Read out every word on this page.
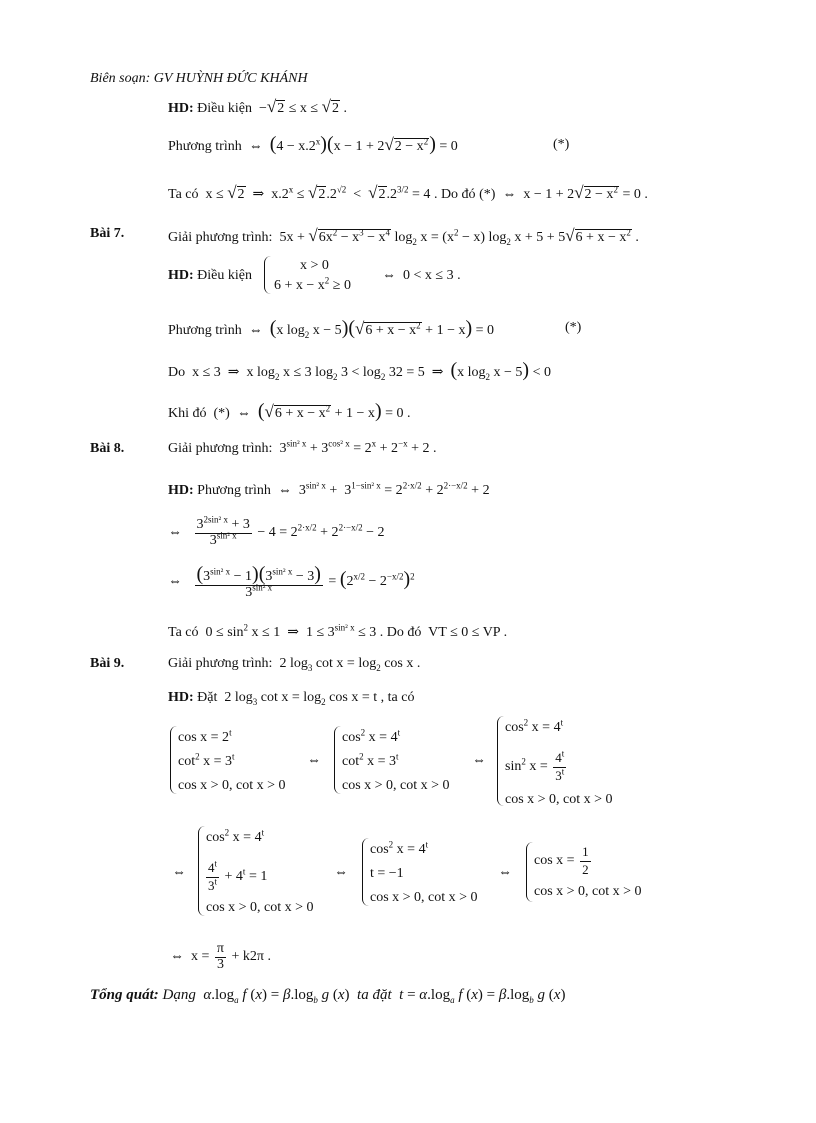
Biên soạn: GV HUỲNH ĐỨC KHÁNH
HD: Điều kiện  −√2 ≤ x ≤ √2 .
Phương trình ⇔ $(4 - x.2^x)(x - 1 + 2√2 - x^2) = 0$	(*)
Ta có  x ≤ √2  ⇒  $x.2^x \le √2.2^{√2} < √2.2^{3/2} = 4$ . Do đó (*)  ⇔  $x - 1 + 2√2 - x^2 = 0$ .
Bài 7.	Giải phương trình:  $5x + √6x^2 - x^3 - x^4$ $\log_2 x = (x^2 - x)$ $\log_2 x + 5 + 5√6 + x - x^2$ .
HD: Điều kiện
x > 0
$6 + x - x^2 \ge 0$
⇔  0 < x ≤ 3 .
Phương trình  ⇔  (x $\log_2 x - 5)(√6 + x - x^2 + 1 - x) = 0$	(*)
Do  x ≤ 3  ⇒  x $\log_2 x \le 3$ $\log_2 3 < \log_2 32 = 5$  ⇒  (x $\log_2 x - 5) < 0$
Khi đó  (*)  ⇔  $(√6 + x - x^2 + 1 - x) = 0$ .
Bài 8.	Giải phương trình:  $3^{sin^2 x} + 3^{cos^2 x} = 2^x + 2^{-x} + 2$ .
HD: Phương trình  ⇔  $3^{sin^2 x} + 3^{1-sin^2 x} = 2^{2\cdot x/2} + 2^{2\cdot-x/2} + 2$
⇔ $\frac{3^{2sin^2 x} + 3}{3^{sin^2 x}} - 4 = 2^{2\cdot x/2} + 2^{2\cdot-x/2} - 2$
⇔ $\frac{(3^{sin^2 x} - 1)(3^{sin^2 x} - 3)}{3^{sin^2 x}} = (2^{x/2} - 2^{-x/2})^2$
Ta có  $0 \le \sin^2 x \le 1$  ⇒  $1 \le 3^{sin^2 x} \le 3$ . Do đó  VT ≤ 0 ≤ VP .
Bài 9.	Giải phương trình:  2 $\log_3 \cot x = \log_2 \cos x$ .
HD: Đặt  2 $\log_3 \cot x = \log_2 \cos x = t$ , ta có
$\cos x = 2^t$
$\cot^2 x = 3^t$
cos x > 0, cot x > 0
⇔
$\cos^2 x = 4^t$
$\cot^2 x = 3^t$
cos x > 0, cot x > 0
⇔
$\cos^2 x = 4^t$
$\sin^2 x = \frac{4^t}{3^t}$
cos x > 0, cot x > 0
⇔
$\cos^2 x = 4^t$
$\frac{4^t}{3^t} + 4^t = 1$
cos x > 0, cot x > 0
⇔
$\cos^2 x = 4^t$
t = −1
cos x > 0, cot x > 0
⇔
$\cos x = \frac{1}{2}$
cos x > 0, cot x > 0
⇔  $x = \frac{\pi}{3} + k2\pi$ .
Tổng quát: Dạng $\alpha.\log_a$ f $(x) = \beta.\log_b$ g (x)  ta đặt $t = \alpha.\log_a$ f $(x) = \beta.\log_b$ g (x)
